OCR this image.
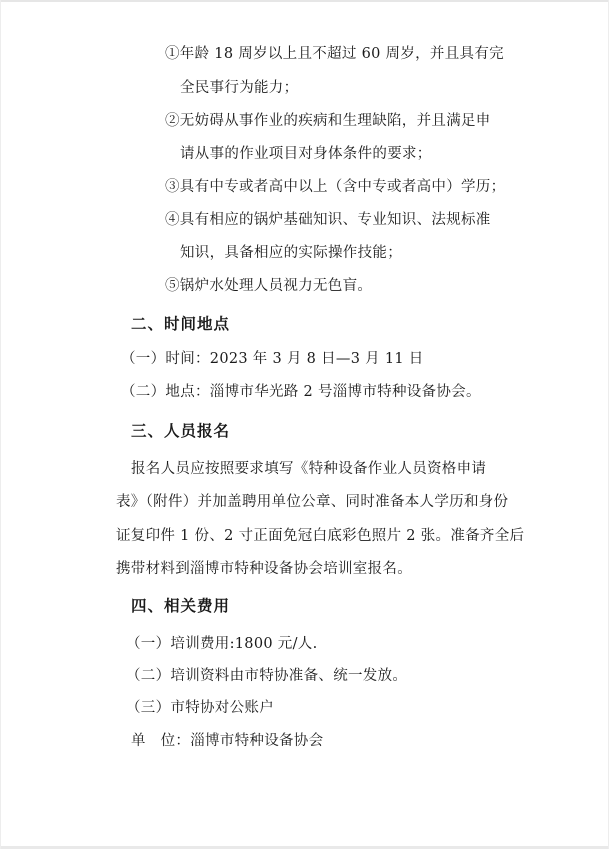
①年龄 18 周岁以上且不超过 60 周岁，并且具有完
全民事行为能力；
②无妨碍从事作业的疾病和生理缺陷，并且满足申
请从事的作业项目对身体条件的要求；
③具有中专或者高中以上（含中专或者高中）学历；
④具有相应的锅炉基础知识、专业知识、法规标准
知识，具备相应的实际操作技能；
⑤锅炉水处理人员视力无色盲。
二、时间地点
（一）时间：2023 年 3 月 8 日—3 月 11 日
（二）地点：淄博市华光路 2 号淄博市特种设备协会。
三、人员报名
报名人员应按照要求填写《特种设备作业人员资格申请
表》（附件）并加盖聘用单位公章、同时准备本人学历和身份
证复印件 1 份、2 寸正面免冠白底彩色照片 2 张。准备齐全后
携带材料到淄博市特种设备协会培训室报名。
四、相关费用
（一）培训费用:1800 元/人.
（二）培训资料由市特协准备、统一发放。
（三）市特协对公账户
单　位：淄博市特种设备协会
